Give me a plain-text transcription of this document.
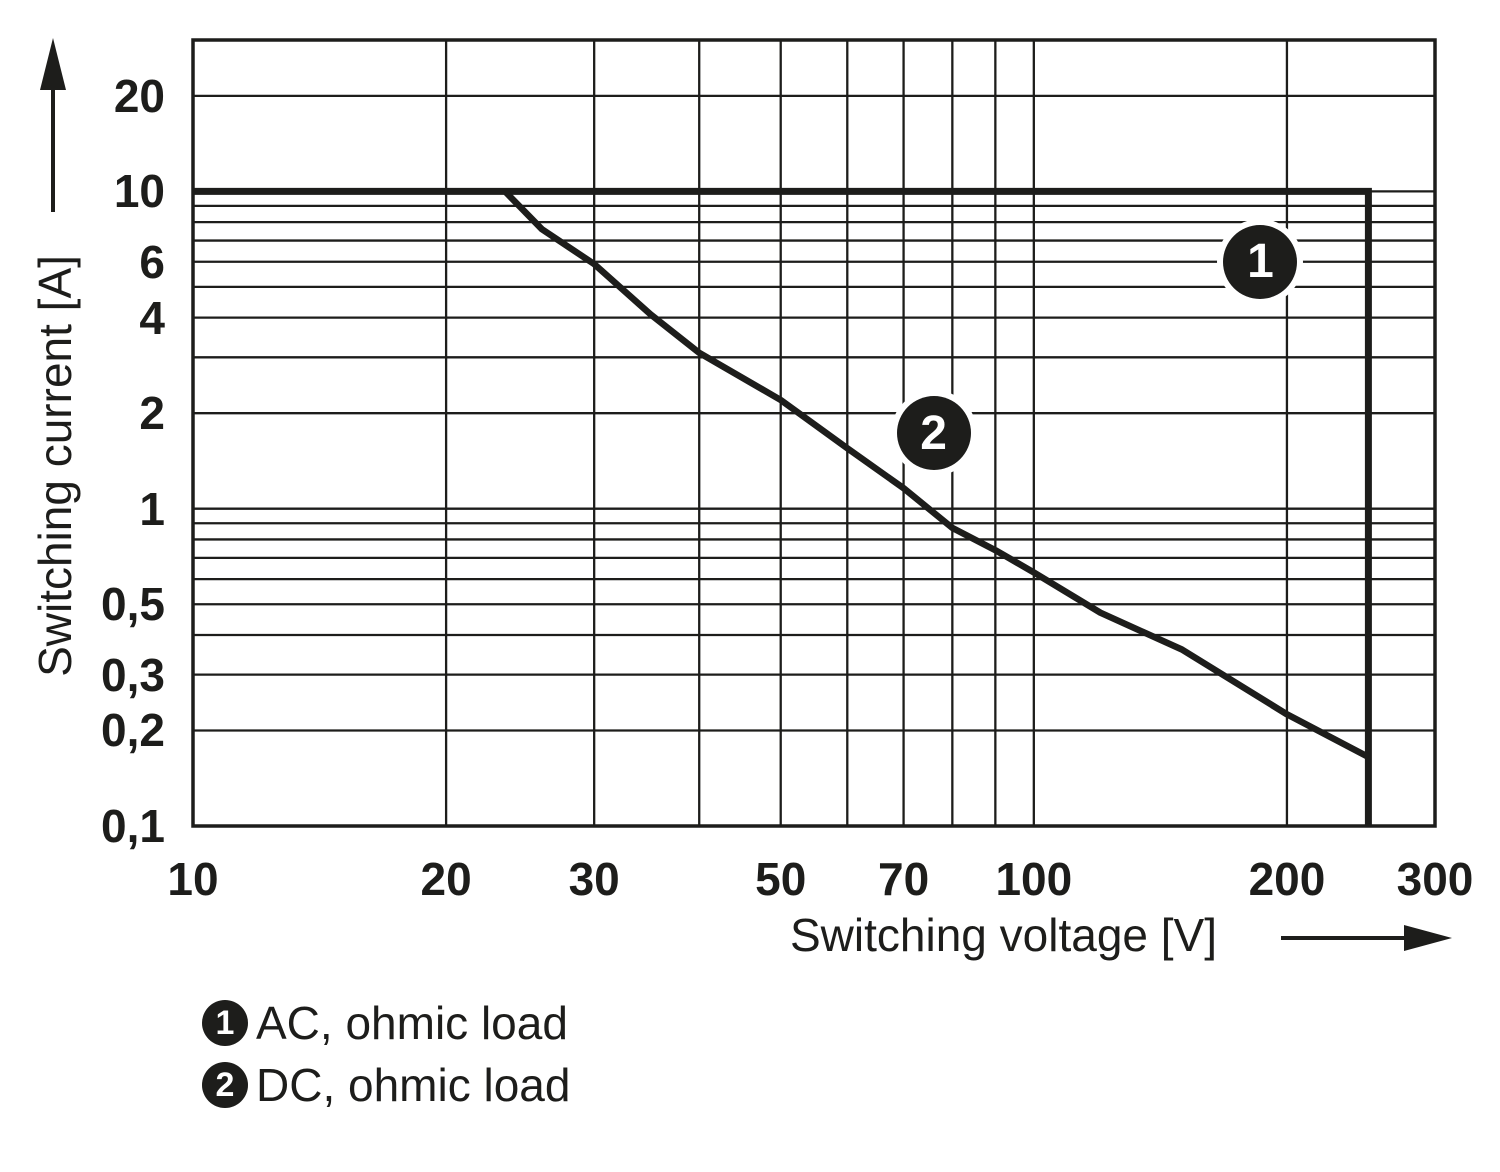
20
10
6
4
2
1
0,5
0,3
0,2
0,1
10	20 30	50 70 100	200 300
Switching current [A]
Switching voltage [V]
1
2
1 AC, ohmic load
2 DC, ohmic load
